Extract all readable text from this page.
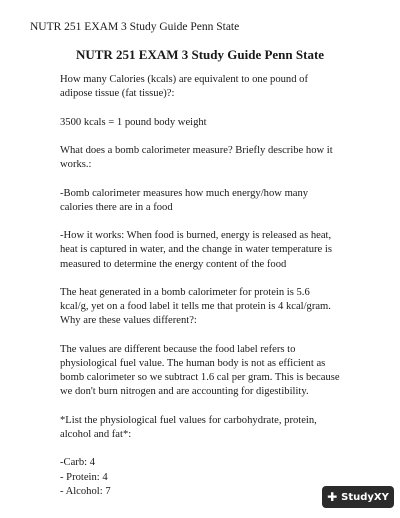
NUTR 251 EXAM 3 Study Guide Penn State
NUTR 251 EXAM 3 Study Guide Penn State

How many Calories (kcals) are equivalent to one pound of adipose tissue (fat tissue)?:

3500 kcals = 1 pound body weight

What does a bomb calorimeter measure? Briefly describe how it works.:

-Bomb calorimeter measures how much energy/how many calories there are in a food

-How it works: When food is burned, energy is released as heat, heat is captured in water, and the change in water temperature is measured to determine the energy content of the food

The heat generated in a bomb calorimeter for protein is 5.6 kcal/g, yet on a food label it tells me that protein is 4 kcal/gram. Why are these values different?:

The values are different because the food label refers to physiological fuel value. The human body is not as efficient as bomb calorimeter so we subtract 1.6 cal per gram. This is because we don't burn nitrogen and are accounting for digestibility.

*List the physiological fuel values for carbohydrate, protein, alcohol and fat*:

-Carb: 4

- Protein: 4

- Alcohol: 7	✚ StudyXY
